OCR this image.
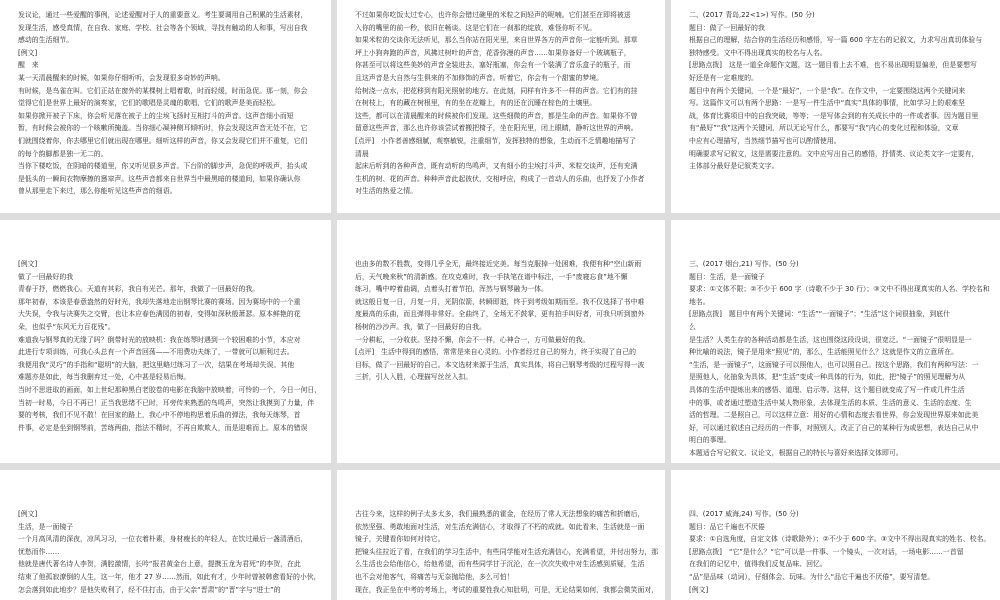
发议论，通过一些爱醒的事例，论述爱醒对于人的重要意义。考生要调用自己积累的生活素材，
发现生活，感受真情，在自我、家庭、学校、社会等各个领域，寻找有触动的人和事，写出自我
感动的生活细节。
[例文]
醒　来
某一天清晨醒来的时候，如果你仔细听听，会发现很多奇妙的声响。
有时候，是鸟雀在叫。它们正站在窗外的某棵树上唱着歌，时而轻缓，时而急促。那一刻，你会
觉得它们是世界上最好的演奏家，它们的歌唱是灵魂的歌唱，它们的歌声是美而轻松。
如果你掀开被子下床，你会听见落在被子上的尘埃飞扬时互相打斗的声音。这声音细小而短
暂，有时候会被你的一个咳嗽所掩盖。当你细心凝神侧耳倾听时，你会发现这声音无处不在，它
们就围绕着你，你去哪里它们就出现在哪里。细听这样的声音，你又会发现它们并不重复，它们
的每个韵脚都是独一无二的。
当你下楼吃饭，在阴暗的楼道里，你又听见很多声音。下台阶的脚步声，急促的呼吸声，抬头或
是低头的一瞬间衣物摩擦的窸窣声。这些声音都来自世界当中最黑暗的楼道间，如果你确认你
曾从那里走下来过，那么你能听见这些声音的细语。
不过如果你吃饭太过专心，也许你会错过碗里的米粒之间轻声的呢喃。它们甚至在即将被送
入你的嘴里的前一秒，依旧在畅谈。这是它们在一刹那的绽放，难怪你听不见。
如果米粒的交谈你无法听见，那么当你站在阳光里，来自世界各方的声音你一定能听到。那草
坪上小狗奔跑的声音，风拂过树叶的声音，花香弥漫的声音……如果你备好一个玻璃瓶子，
你甚至可以将这些美妙的声音全装进去，塞好瓶塞，你会有一个装满了音乐盒子的瓶子，而
且这声音是大自然与生俱来的不加修饰的声音。听着它，你会有一个甜蜜的梦境。
给树浇一点水，把花移到有阳光照射的地方。在此刻，同样有许多不一样的声音。它们有的挂
在树枝上，有的藏在树根里，有的坐在花瓣上，有的还在沉睡在棕色的土壤里。
这些，都可以在清晨醒来的时候被你们发现。这些细微的声音，都是生命的声音。如果你不曾
留意这些声音，那么也许你该尝试着搬把椅子，坐在阳光里，闭上眼睛，静听这世界的声响。
[点评]　小作者善感细腻，观察敏锐，注重细节，发挥独特的想象，生动而不乏情趣地描写了
清晨
起床后听到的各种声音，既有动听的鸟鸣声，又有细小的尘埃打斗声、米粒交谈声，还有充满
生机的树、花的声音。种种声音此起彼伏，交相呼应，构成了一首动人的乐曲，也抒发了小作者
对生活的热爱之情。
二、(2017 青岛,22<1>) 写作。(50 分)
题目：做了一回最好的我
根据自己的理解，结合你的生活经历和感悟，写一篇 600 字左右的记叙文，力求写出真切体验与
独特感受。文中不得出现真实的校名与人名。
[思路点拨]　这是一道全命题作文题，这一题目看上去不难，也不易出现明显偏差，但是要想写
好还是有一定难度的。
题目中有两个关键词，一个是“最好”，一个是“我”。在作文中，一定要围绕这两个关键词来
写。这篇作文可以有两个思路：一是写一件生活中“真实”具体的事情，比如学习上的艰难坚
战，体育比赛项目中的自我突破，等等；一是写体会到的有关成长中的一件或者事。因为题目里
有“最好”“我”这两个关键词，所以无论写什么，都要写“我”内心的变化过程和体验，文章
中应有心理描写，当然细节描写也可以酌情使用。
明确要求写记叙文，这是需要注意的。文中应写出自己的感悟，抒情类、议论类文字一定要有，
主体部分最好是记叙类文字。
[例文]
做了一回最好的我
青春于抒，燃燃我心。天道有其彩，我自有光芒。那年，我做了一回最好的我。
那年初春，本该是春意盎然的好时光，我却失落地走出钢琴比赛的赛场。因为赛场中的一个重
大失误，令我与决赛失之交臂，也让本应春色满园的初春，变得如深秋般萧瑟。原本鲜艳的花
朵，也似乎“东风无力百花残”。
难道我与钢琴真的无缘了吗？倒带时光的放映机：我在练琴时遇到一个较困难的小节，本应对
此进行专项训练，可我心头总有一个声音回荡——不用费功夫练了，一带就可以顺利过去。
我便用我“灵巧”的手指和“聪明”的大脑，把这里略过练习了一次，结果在考场却失误。其他
难题亦是如此，每当我删弃过一处，心中甚是轻易后悔。
当时不思进取的画面，如上世纪那种黑白老胶卷的电影在我脑中放映着，可怜的一个，今日一何日，
当初一时易，今日不再已！正当我思绪不已时，耳旁传来熟悉的鸟鸣声，突然让我摸到了力量，伴
要的考核，我们不见不散！在回家的路上，我心中不停地构思着乐曲的弹法，我每天练琴，首
件事，必定是坐到钢琴前，苦练两曲，指法不精时，不再自欺欺人，而是迎难而上。原本的错误
也由多的数不胜数，变得几乎全无，最终接近完美。每当克服掉一处困难，我便有种“空山新雨
后，天气晚来秋”的清新感。在攻克难时，我一手执笔在谱中标注，一手“废寝忘食”地不懈
练习，嘴中哼着曲调，点着头打着节拍，浑然与钢琴融为一体。
就这般日复一日，月复一月，光阴似箭，转瞬即逝，终于到考级如期而至。我不仅选择了书中难
度最高的乐曲，而且弹得非常好。全曲终了，全场无不鼓掌，更有拍手叫好者，可我只听到窗外
杨树的沙沙声。我，做了一回最好的自我。
一分耕耘，一分收获。坚持不懈，你会不一样，心神合一，方可做最好的我。
[点评]　生活中得到的感悟，常常是来自心灵的。小作者经过自己的努力，终于实现了自己的
目标，做了一回最好的自己。本文选材来源于生活，真实具体，将自己钢琴考级的过程写得一波
三折，引人入胜，心理描写丝丝入扣。
三、(2017 烟台,21) 写作。(50 分)
题目：生活，是一面镜子
要求：①文体不限；②不少于 600 字（诗歌不少于 30 行）；③文中不得出现真实的人名、学校名和
地名。
[思路点拨]　题目中有两个关键词：“生活”“一面镜子”；“生活”这个词很抽象，到底什
么
是生活？人类生存的各种活动都是生活，这也围绕这段设说，很宽泛。“一面镜子”很明显是一
种比喻的说法，镜子是用来“照见”的，那么，生活能照见什么？这就是作文的立意所在。
“生活，是一面镜子”，这面镜子可以照他人，也可以照自己。按这个思路，我们有两种写法：一
是照他人，化抽象为具体，把“生活”变成一种具体的行为，如此，把“镜子”的照见理解为从
具体的生活中提炼出来的感悟、道理、启示等。这样，这个题目就变成了写一件或几件生活
中的事，或者通过塑造生活中某人物形象，去体现生活的本质、生活的意义、生活的态度、生
活的哲理。二是照自己，可以这样立意：用好的心情和态度去看世界，你会发现世界原来如此美
好，可以通过叙述自己经历的一件事，对照别人，改正了自己的某种行为或思想，表达自己从中
明白的事理。
本题适合写记叙文、议论文，根据自己的特长与喜好来选择文体即可。
[例文]
生活，是一面镜子
一个月高风清的深夜，凉风习习，一位衣着朴素，身材瘦长的年轻人，在饮过最后一盏清酒后，
忧愁而作……
他就是唐代著名诗人李贺，满腔激情，长吟“报君黄金台上意，提携玉龙为君死”的李贺，在此
结束了他孤寂潦倒的人生，这一年，他才 27 岁……然而，如此有才，少年时曾被韩愈看好的小伙，
怎会落到如此地步？是他失败利了，经不住打击，由于父亲“晋肃”的“晋”字与“进士”的
古往今来，这样的例子太多太多，我们最熟悉的霍金，在经历了常人无法想象的痛苦和折磨后，
依然坚强、勇敢地面对生活，对生活充满信心，才取得了不朽的成就。如此看来，生活就是一面
镜子，关键看你如何对待它。
把镜头往拉近了看，在我们的学习生活中，有些同学能对生活充满信心，充满希望，并付出努力，那
么生活也会给他信心，给他希望，而有些同学甘于沉沦，在一次次失败中对生活感到质疑，生活
也不会对他客气，将痛苦与无奈抛给他，多么可怕！
现在，我正坐在中考的考场上，考试的重要性我心知肚明，可是，无论结果如何，我都会微笑面对，
四、(2017 威海,24) 写作。(50 分)
题目：品它千遍也不厌倦
要求：①自选角度，自定文体（诗歌除外）；②不少于 600 字。③文中不得出现真实的姓名、校名。
[思路点拨]　“它”是什么？“它”可以是一件事、一个镜头，一次对话，一场电影……一首留
在我们的记忆中，值得我们反复品味、回忆。
“品”是品味（动词），仔细体会、玩味。为什么“品它千遍也不厌倦”，要写清楚。
[例文]
